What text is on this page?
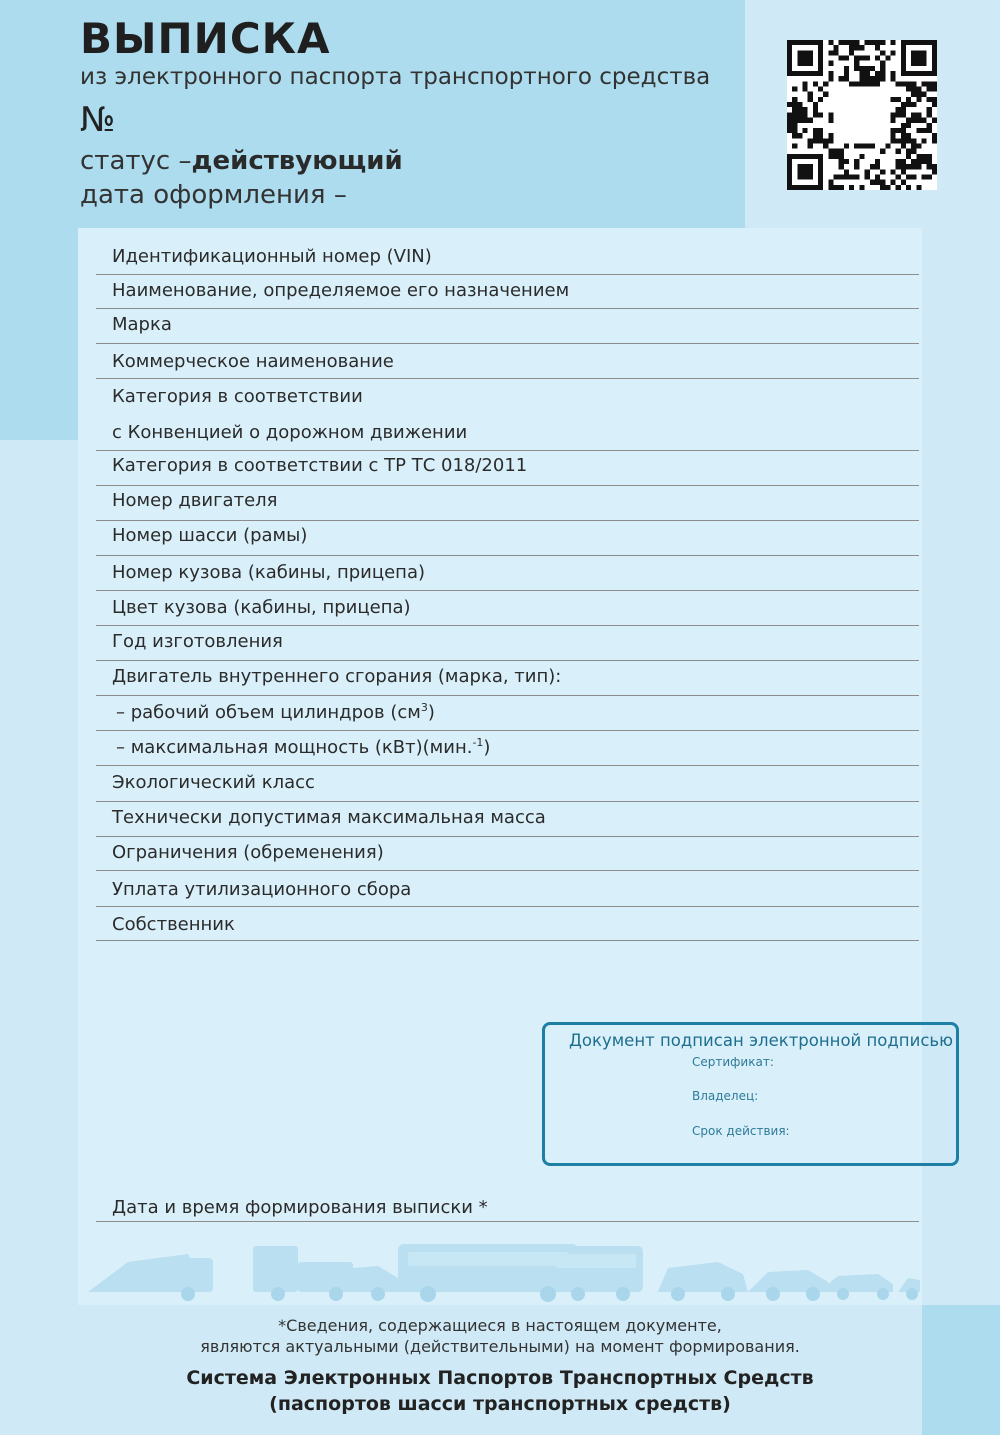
ВЫПИСКА
из электронного паспорта транспортного средства
№
статус –действующий
дата оформления –
Идентификационный номер (VIN)
Наименование, определяемое его назначением
Марка
Коммерческое наименование
Категория в соответствии
с Конвенцией о дорожном движении
Категория в соответствии с ТР ТС 018/2011
Номер двигателя
Номер шасси (рамы)
Номер кузова (кабины, прицепа)
Цвет кузова (кабины, прицепа)
Год изготовления
Двигатель внутреннего сгорания (марка, тип):
– рабочий объем цилиндров $(см^3)$
– максимальная мощность (кВт)(мин.$^{-1}$)
Экологический класс
Технически допустимая максимальная масса
Ограничения (обременения)
Уплата утилизационного сбора
Собственник
Документ подписан электронной подписью
Сертификат:
Владелец:
Срок действия:
Дата и время формирования выписки *
*Сведения, содержащиеся в настоящем документе,
являются актуальными (действительными) на момент формирования.
Система Электронных Паспортов Транспортных Средств
(паспортов шасси транспортных средств)
